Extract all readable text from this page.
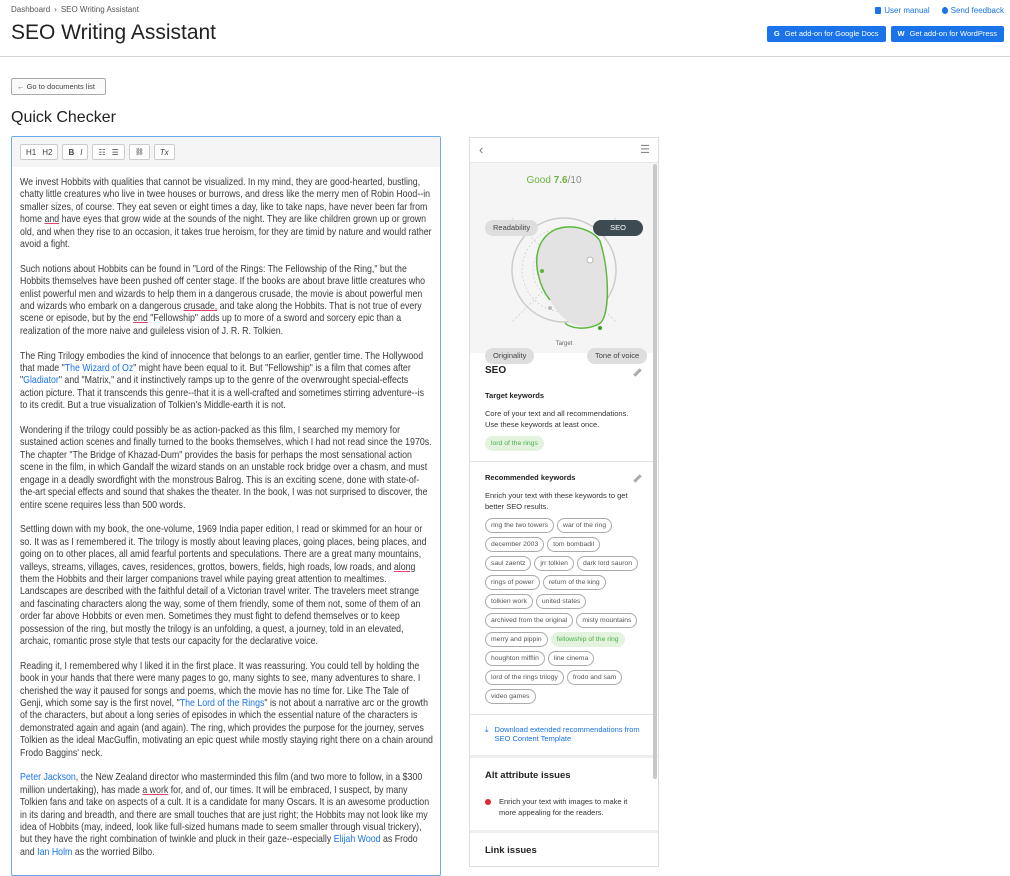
Dashboard › SEO Writing Assistant
SEO Writing Assistant
User manual	Send feedback
G Get add-on for Google Docs	W Get add-on for WordPress
← Go to documents list
Quick Checker
H1 H2 B I ☷ ☰ ⛓ Tx

We invest Hobbits with qualities that cannot be visualized. In my mind, they are good-hearted, bustling, chatty little creatures who live in twee houses or burrows, and dress like the merry men of Robin Hood--in smaller sizes, of course. They eat seven or eight times a day, like to take naps, have never been far from home and have eyes that grow wide at the sounds of the night. They are like children grown up or grown old, and when they rise to an occasion, it takes true heroism, for they are timid by nature and would rather avoid a fight.

Such notions about Hobbits can be found in "Lord of the Rings: The Fellowship of the Ring," but the Hobbits themselves have been pushed off center stage. If the books are about brave little creatures who enlist powerful men and wizards to help them in a dangerous crusade, the movie is about powerful men and wizards who embark on a dangerous crusade, and take along the Hobbits. That is not true of every scene or episode, but by the end "Fellowship" adds up to more of a sword and sorcery epic than a realization of the more naive and guileless vision of J. R. R. Tolkien.

The Ring Trilogy embodies the kind of innocence that belongs to an earlier, gentler time. The Hollywood that made "The Wizard of Oz" might have been equal to it. But "Fellowship" is a film that comes after "Gladiator" and "Matrix," and it instinctively ramps up to the genre of the overwrought special-effects action picture. That it transcends this genre--that it is a well-crafted and sometimes stirring adventure--is to its credit. But a true visualization of Tolkien's Middle-earth it is not.

Wondering if the trilogy could possibly be as action-packed as this film, I searched my memory for sustained action scenes and finally turned to the books themselves, which I had not read since the 1970s. The chapter "The Bridge of Khazad-Dum" provides the basis for perhaps the most sensational action scene in the film, in which Gandalf the wizard stands on an unstable rock bridge over a chasm, and must engage in a deadly swordfight with the monstrous Balrog. This is an exciting scene, done with state-of-the-art special effects and sound that shakes the theater. In the book, I was not surprised to discover, the entire scene requires less than 500 words.

Settling down with my book, the one-volume, 1969 India paper edition, I read or skimmed for an hour or so. It was as I remembered it. The trilogy is mostly about leaving places, going places, being places, and going on to other places, all amid fearful portents and speculations. There are a great many mountains, valleys, streams, villages, caves, residences, grottos, bowers, fields, high roads, low roads, and along them the Hobbits and their larger companions travel while paying great attention to mealtimes. Landscapes are described with the faithful detail of a Victorian travel writer. The travelers meet strange and fascinating characters along the way, some of them friendly, some of them not, some of them of an order far above Hobbits or even men. Sometimes they must fight to defend themselves or to keep possession of the ring, but mostly the trilogy is an unfolding, a quest, a journey, told in an elevated, archaic, romantic prose style that tests our capacity for the declarative voice.

Reading it, I remembered why I liked it in the first place. It was reassuring. You could tell by holding the book in your hands that there were many pages to go, many sights to see, many adventures to share. I cherished the way it paused for songs and poems, which the movie has no time for. Like The Tale of Genji, which some say is the first novel, "The Lord of the Rings" is not about a narrative arc or the growth of the characters, but about a long series of episodes in which the essential nature of the characters is demonstrated again and again (and again). The ring, which provides the purpose for the journey, serves Tolkien as the ideal MacGuffin, motivating an epic quest while mostly staying right there on a chain around Frodo Baggins' neck.

Peter Jackson, the New Zealand director who masterminded this film (and two more to follow, in a $300 million undertaking), has made a work for, and of, our times. It will be embraced, I suspect, by many Tolkien fans and take on aspects of a cult. It is a candidate for many Oscars. It is an awesome production in its daring and breadth, and there are small touches that are just right; the Hobbits may not look like my idea of Hobbits (may, indeed, look like full-sized humans made to seem smaller through visual trickery), but they have the right combination of twinkle and pluck in their gaze--especially Elijah Wood as Frodo and Ian Holm as the worried Bilbo.

‹	☰
Good 7.6/10
Target
Readability	SEO
Originality	Tone of voice
SEO
Target keywords
Core of your text and all recommendations. Use these keywords at least once.
lord of the rings
Recommended keywords
Enrich your text with these keywords to get better SEO results.
ring the two towers	war of the ring
december 2003	tom bombadil
saul zaentz	jrr tolkien	dark lord sauron
rings of power	return of the king
tolkien work	united states
archived from the original	misty mountains
merry and pippin	fellowship of the ring
houghton mifflin	line cinema
lord of the rings trilogy	frodo and sam
video games
⤓ Download extended recommendations from SEO Content Template
Alt attribute issues
Enrich your text with images to make it more appealing for the readers.
Link issues
